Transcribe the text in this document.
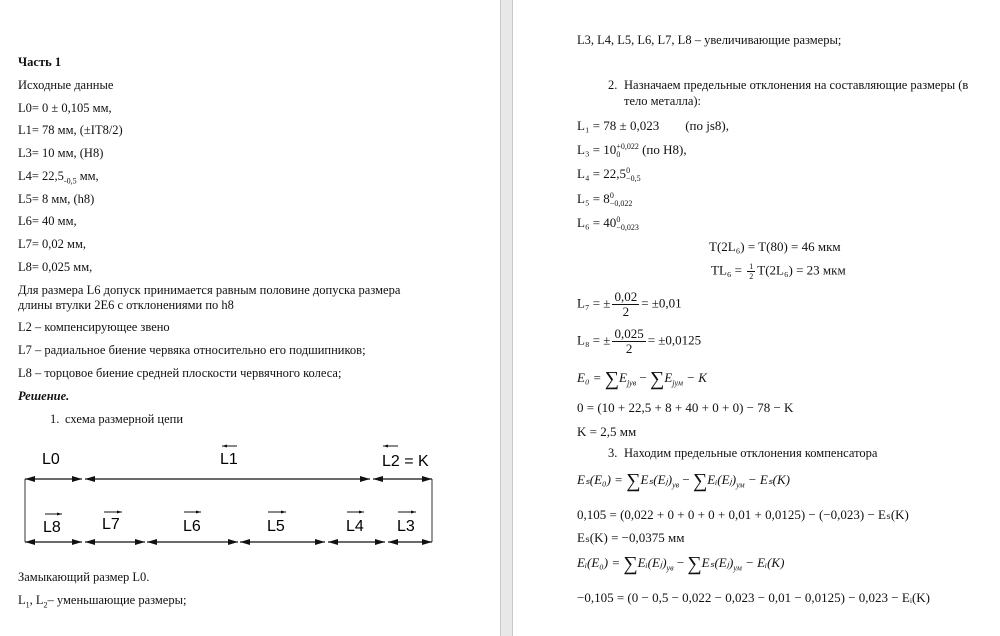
Часть 1
Исходные данные
L0= 0 ± 0,105 мм,
L1= 78 мм, (±IT8/2)
L3= 10 мм, (H8)
$L4= 22,5_{-0,5}$ мм,
L5= 8 мм, (h8)
L6= 40 мм,
L7= 0,02 мм,
L8= 0,025 мм,
Для размера L6 допуск принимается равным половине допуска размера
длины втулки 2Е6 с отклонениями по h8
L2 – компенсирующее звено
L7 – радиальное биение червяка относительно его подшипников;
L8 – торцовое биение средней плоскости червячного колеса;
Решение.
1. схема размерной цепи
L0	L1	L2 = K
L8	L7	L6	L5	L4 L3
Замыкающий размер L0.
$L_1$, $L_2-$ уменьшающие размеры;
L3, L4, L5, L6, L7, L8 – увеличивающие размеры;
2. Назначаем предельные отклонения на составляющие размеры (в
тело металла):
L₁ = 78 ± 0,023 (по js8),
L₃ = 10 +0,022
0	(по H8),
L₄ = 22,5 0
−0,5
L₅ = 8 0
−0,022
L₆ = 40 0
−0,023
T(2L₆) = T(80) = 46 мкм
$TL_6 = \frac{1}{2} T(2L_6) = 23$ мкм
L₇ = ± $\frac{0,02}{2} = \pm 0,01$
L₈ = ± $\frac{0,025}{2} = \pm 0,0125$
$E_0 = \sum E_{jув} - \sum E_{jум} - K$
0 = (10 + 22,5 + 8 + 40 + 0 + 0) − 78 − K
K = 2,5 мм
3. Находим предельные отклонения компенсатора
$E_s(E_0) = \sum E_s(Eⱼ)_{ув}$ − $\sum Eᵢ(Eⱼ)_{ум} - E_s(K)$
0,105 = (0,022 + 0 + 0 + 0 + 0,01 + 0,0125) − (−0,023) − Eₛ(K)
Eₛ(K) = −0,0375 мм
Eᵢ(E₀) = $\sum Eᵢ(Eⱼ)_{ув}$ − $\sum E_s(Eⱼ)_{ум}$ − Eᵢ(K)
−0,105 = (0 − 0,5 − 0,022 − 0,023 − 0,01 − 0,0125) − 0,023 − Eᵢ(K)
